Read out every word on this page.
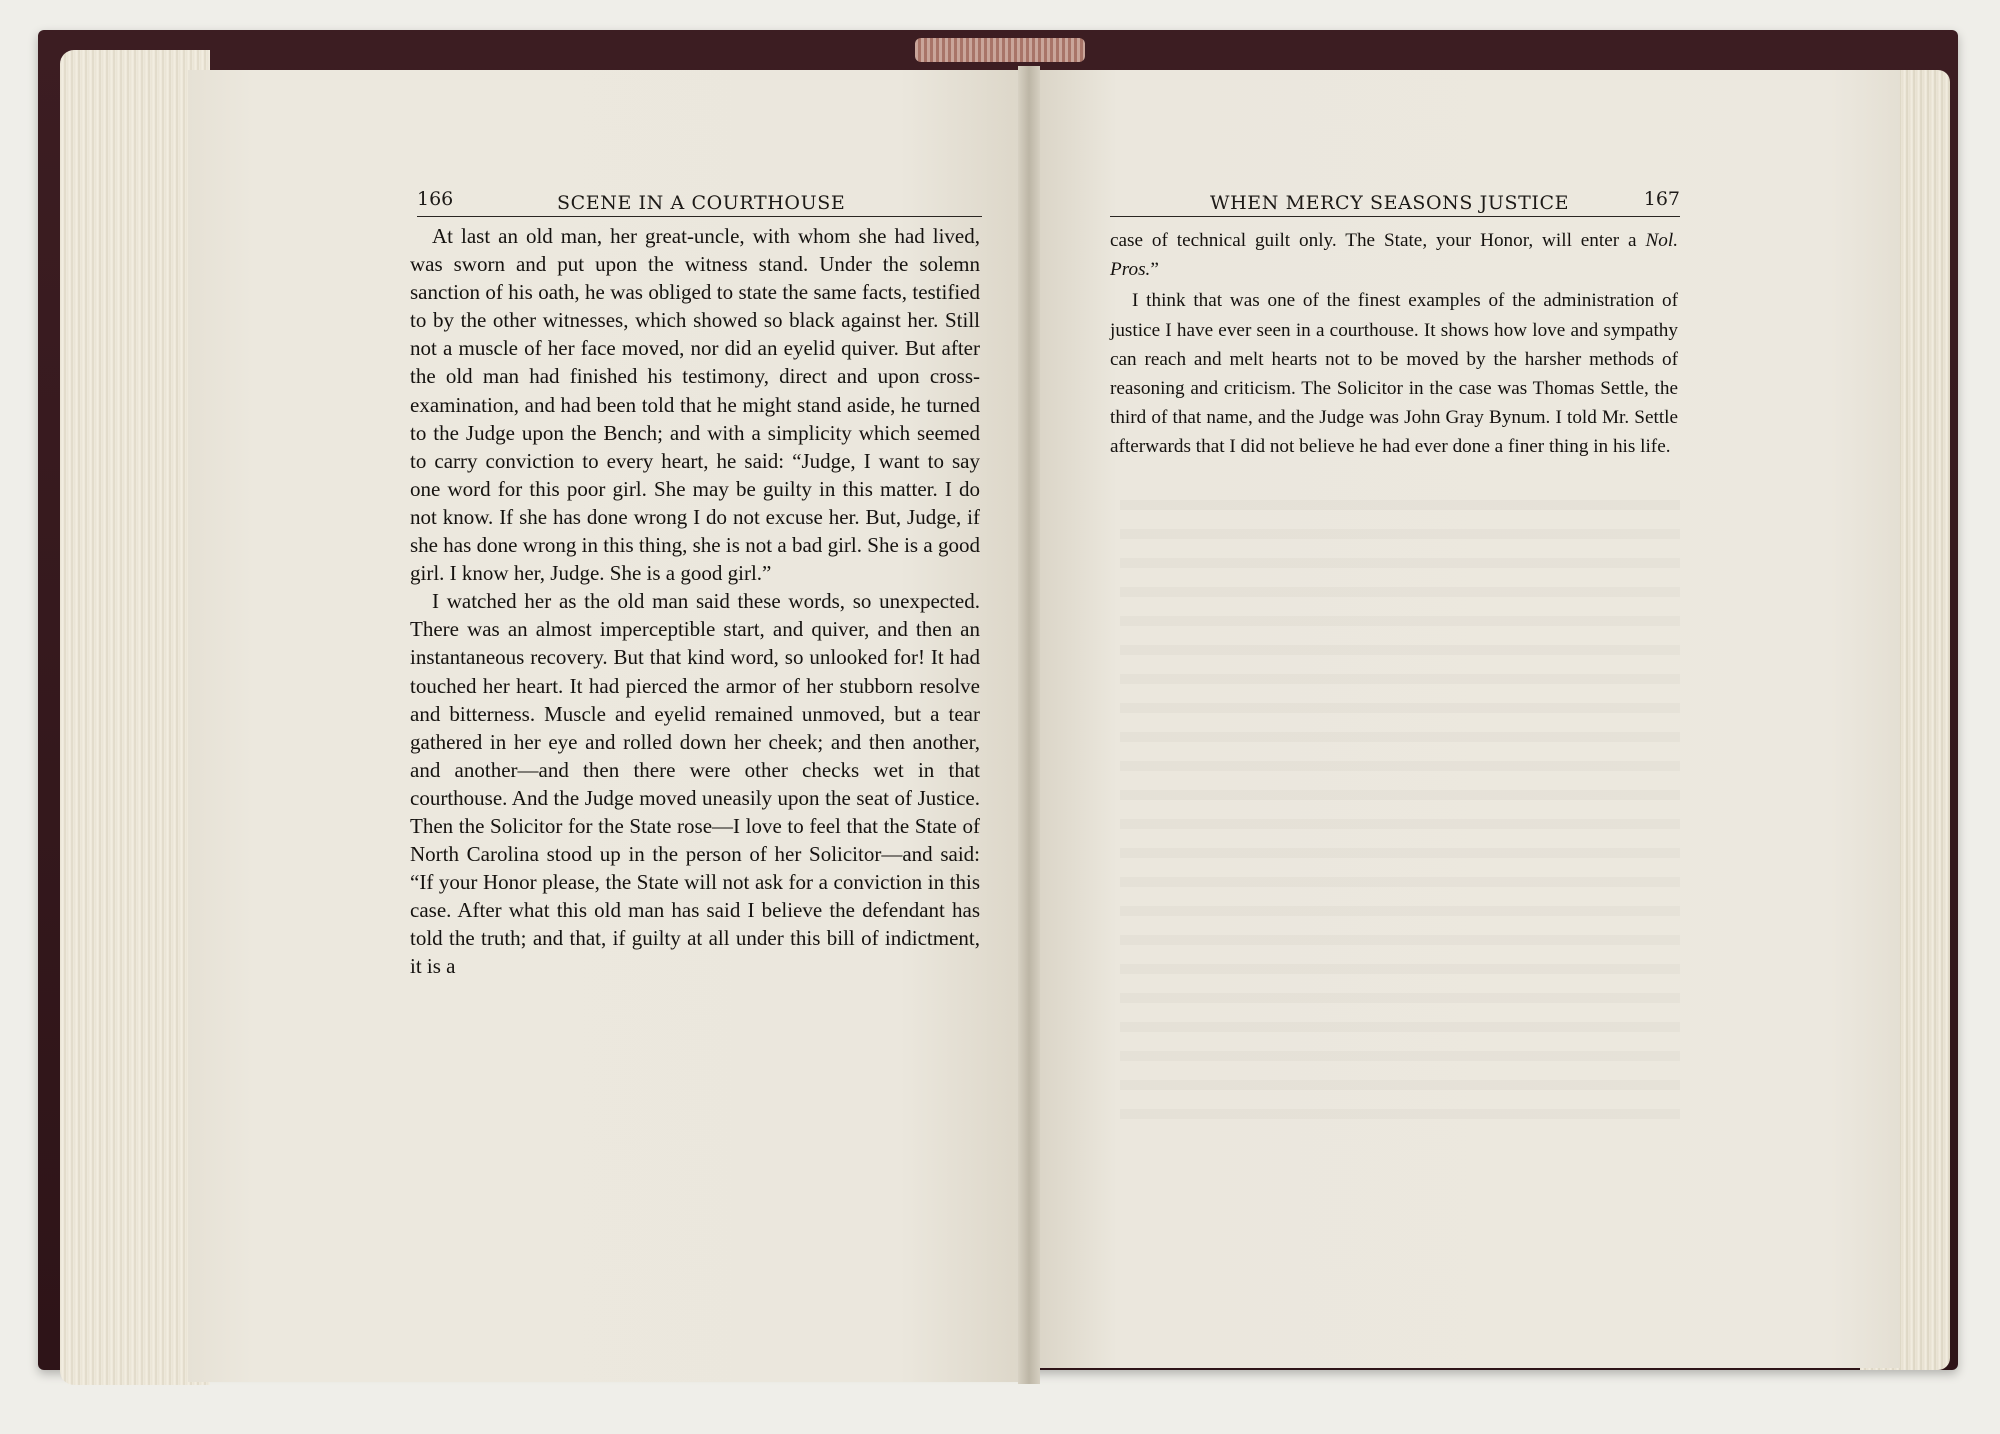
166	SCENE IN A COURTHOUSE	WHEN MERCY SEASONS JUSTICE	167

At last an old man, her great-uncle, with whom she had lived, was sworn and put upon the witness stand. Under the solemn sanction of his oath, he was obliged to state the same facts, testified to by the other witnesses, which showed so black against her. Still not a muscle of her face moved, nor did an eyelid quiver. But after the old man had finished his testimony, direct and upon cross-examination, and had been told that he might stand aside, he turned to the Judge upon the Bench; and with a simplicity which seemed to carry conviction to every heart, he said: “Judge, I want to say one word for this poor girl. She may be guilty in this matter. I do not know. If she has done wrong I do not excuse her. But, Judge, if she has done wrong in this thing, she is not a bad girl. She is a good girl. I know her, Judge. She is a good girl.”

I watched her as the old man said these words, so unexpected. There was an almost imperceptible start, and quiver, and then an instantaneous recovery. But that kind word, so unlooked for! It had touched her heart. It had pierced the armor of her stubborn resolve and bitterness. Muscle and eyelid remained unmoved, but a tear gathered in her eye and rolled down her cheek; and then another, and another—and then there were other checks wet in that courthouse. And the Judge moved uneasily upon the seat of Justice. Then the Solicitor for the State rose—I love to feel that the State of North Carolina stood up in the person of her Solicitor—and said: “If your Honor please, the State will not ask for a conviction in this case. After what this old man has said I believe the defendant has told the truth; and that, if guilty at all under this bill of indictment, it is a

case of technical guilt only. The State, your Honor, will enter a Nol. Pros.”

I think that was one of the finest examples of the administration of justice I have ever seen in a courthouse. It shows how love and sympathy can reach and melt hearts not to be moved by the harsher methods of reasoning and criticism. The Solicitor in the case was Thomas Settle, the third of that name, and the Judge was John Gray Bynum. I told Mr. Settle afterwards that I did not believe he had ever done a finer thing in his life.
